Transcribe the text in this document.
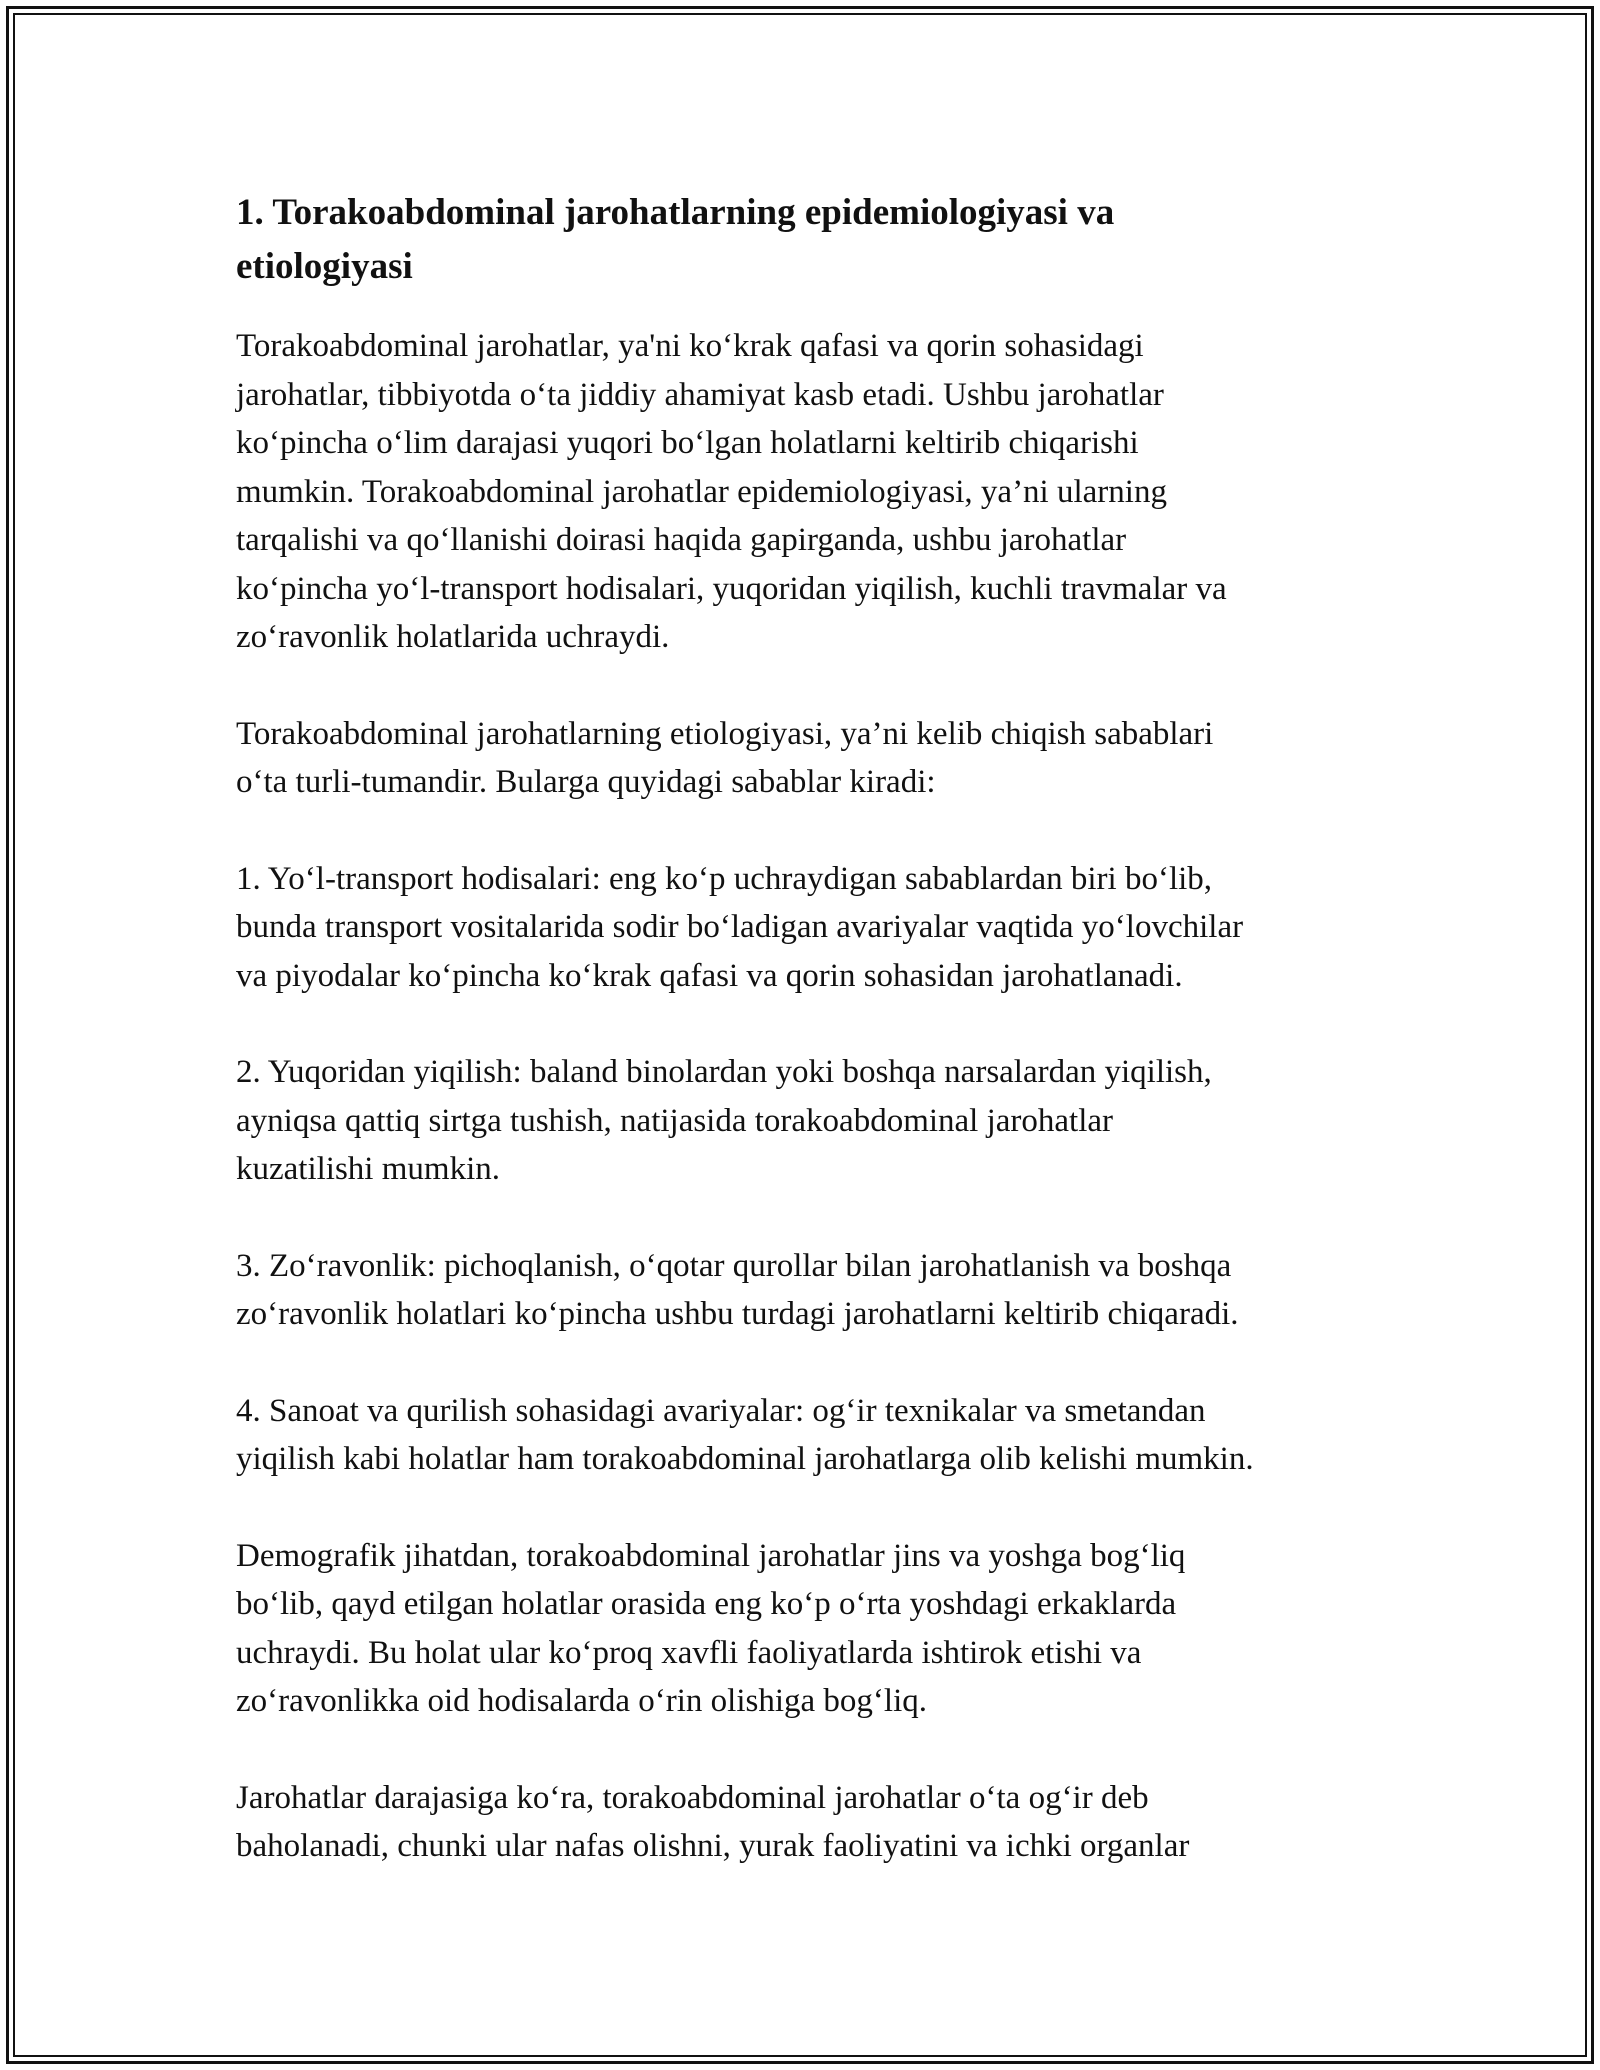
1. Torakoabdominal jarohatlarning epidemiologiyasi va
etiologiyasi

Torakoabdominal jarohatlar, ya'ni ko‘krak qafasi va qorin sohasidagi
jarohatlar, tibbiyotda o‘ta jiddiy ahamiyat kasb etadi. Ushbu jarohatlar
ko‘pincha o‘lim darajasi yuqori bo‘lgan holatlarni keltirib chiqarishi
mumkin. Torakoabdominal jarohatlar epidemiologiyasi, ya’ni ularning
tarqalishi va qo‘llanishi doirasi haqida gapirganda, ushbu jarohatlar
ko‘pincha yo‘l-transport hodisalari, yuqoridan yiqilish, kuchli travmalar va
zo‘ravonlik holatlarida uchraydi.

Torakoabdominal jarohatlarning etiologiyasi, ya’ni kelib chiqish sabablari
o‘ta turli-tumandir. Bularga quyidagi sabablar kiradi:

1. Yo‘l-transport hodisalari: eng ko‘p uchraydigan sabablardan biri bo‘lib,
bunda transport vositalarida sodir bo‘ladigan avariyalar vaqtida yo‘lovchilar
va piyodalar ko‘pincha ko‘krak qafasi va qorin sohasidan jarohatlanadi.

2. Yuqoridan yiqilish: baland binolardan yoki boshqa narsalardan yiqilish,
ayniqsa qattiq sirtga tushish, natijasida torakoabdominal jarohatlar
kuzatilishi mumkin.

3. Zo‘ravonlik: pichoqlanish, o‘qotar qurollar bilan jarohatlanish va boshqa
zo‘ravonlik holatlari ko‘pincha ushbu turdagi jarohatlarni keltirib chiqaradi.

4. Sanoat va qurilish sohasidagi avariyalar: og‘ir texnikalar va smetandan
yiqilish kabi holatlar ham torakoabdominal jarohatlarga olib kelishi mumkin.

Demografik jihatdan, torakoabdominal jarohatlar jins va yoshga bog‘liq
bo‘lib, qayd etilgan holatlar orasida eng ko‘p o‘rta yoshdagi erkaklarda
uchraydi. Bu holat ular ko‘proq xavfli faoliyatlarda ishtirok etishi va
zo‘ravonlikka oid hodisalarda o‘rin olishiga bog‘liq.

Jarohatlar darajasiga ko‘ra, torakoabdominal jarohatlar o‘ta og‘ir deb
baholanadi, chunki ular nafas olishni, yurak faoliyatini va ichki organlar
